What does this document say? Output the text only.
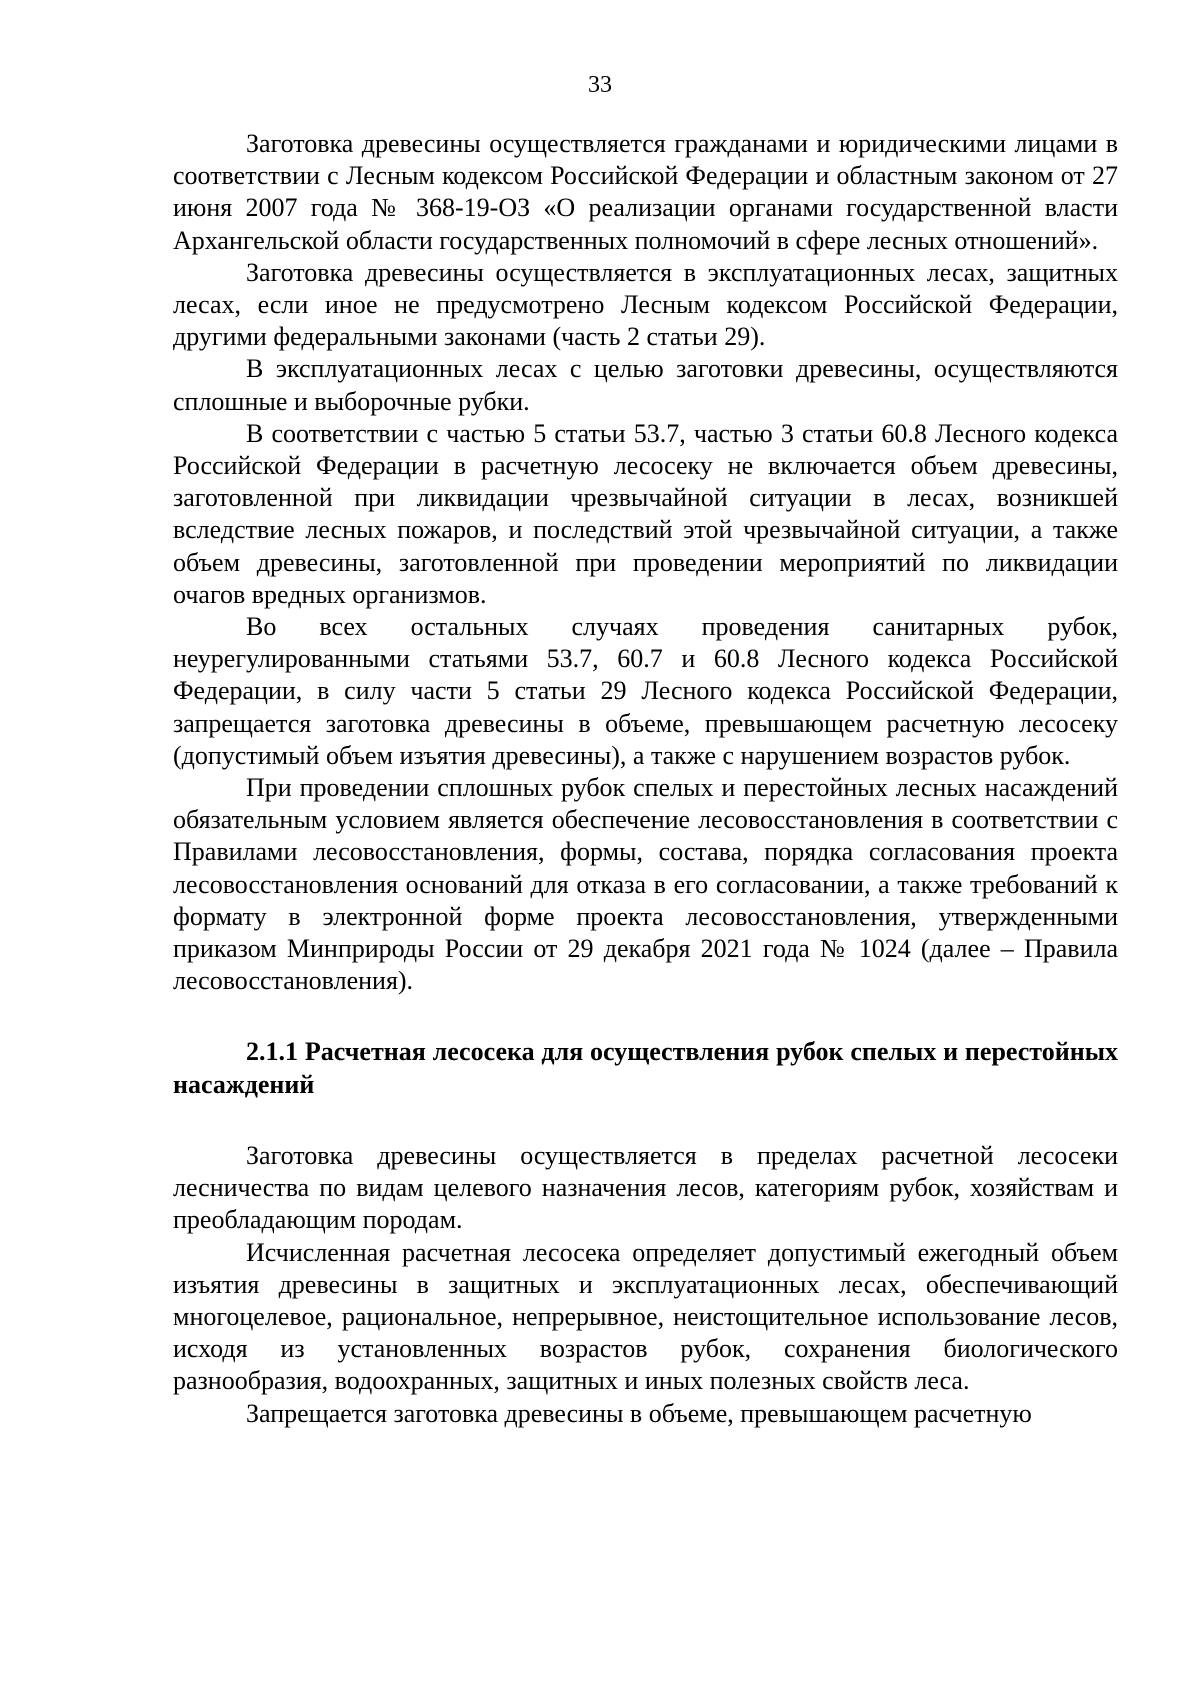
33

Заготовка древесины осуществляется гражданами и юридическими лицами в соответствии с Лесным кодексом Российской Федерации и областным законом от 27 июня 2007 года № 368-19-ОЗ «О реализации органами государственной власти Архангельской области государственных полномочий в сфере лесных отношений».

Заготовка древесины осуществляется в эксплуатационных лесах, защитных лесах, если иное не предусмотрено Лесным кодексом Российской Федерации, другими федеральными законами (часть 2 статьи 29).

В эксплуатационных лесах с целью заготовки древесины, осуществляются сплошные и выборочные рубки.

В соответствии с частью 5 статьи 53.7, частью 3 статьи 60.8 Лесного кодекса Российской Федерации в расчетную лесосеку не включается объем древесины, заготовленной при ликвидации чрезвычайной ситуации в лесах, возникшей вследствие лесных пожаров, и последствий этой чрезвычайной ситуации, а также объем древесины, заготовленной при проведении мероприятий по ликвидации очагов вредных организмов.

Во всех остальных случаях проведения санитарных рубок, неурегулированными статьями 53.7, 60.7 и 60.8 Лесного кодекса Российской Федерации, в силу части 5 статьи 29 Лесного кодекса Российской Федерации, запрещается заготовка древесины в объеме, превышающем расчетную лесосеку (допустимый объем изъятия древесины), а также с нарушением возрастов рубок.

При проведении сплошных рубок спелых и перестойных лесных насаждений обязательным условием является обеспечение лесовосстановления в соответствии с Правилами лесовосстановления, формы, состава, порядка согласования проекта лесовосстановления оснований для отказа в его согласовании, а также требований к формату в электронной форме проекта лесовосстановления, утвержденными приказом Минприроды России от 29 декабря 2021 года № 1024 (далее – Правила лесовосстановления).

2.1.1 Расчетная лесосека для осуществления рубок спелых и перестойных насаждений

Заготовка древесины осуществляется в пределах расчетной лесосеки лесничества по видам целевого назначения лесов, категориям рубок, хозяйствам и преобладающим породам.

Исчисленная расчетная лесосека определяет допустимый ежегодный объем изъятия древесины в защитных и эксплуатационных лесах, обеспечивающий многоцелевое, рациональное, непрерывное, неистощительное использование лесов, исходя из установленных возрастов рубок, сохранения биологического разнообразия, водоохранных, защитных и иных полезных свойств леса.

Запрещается заготовка древесины в объеме, превышающем расчетную
